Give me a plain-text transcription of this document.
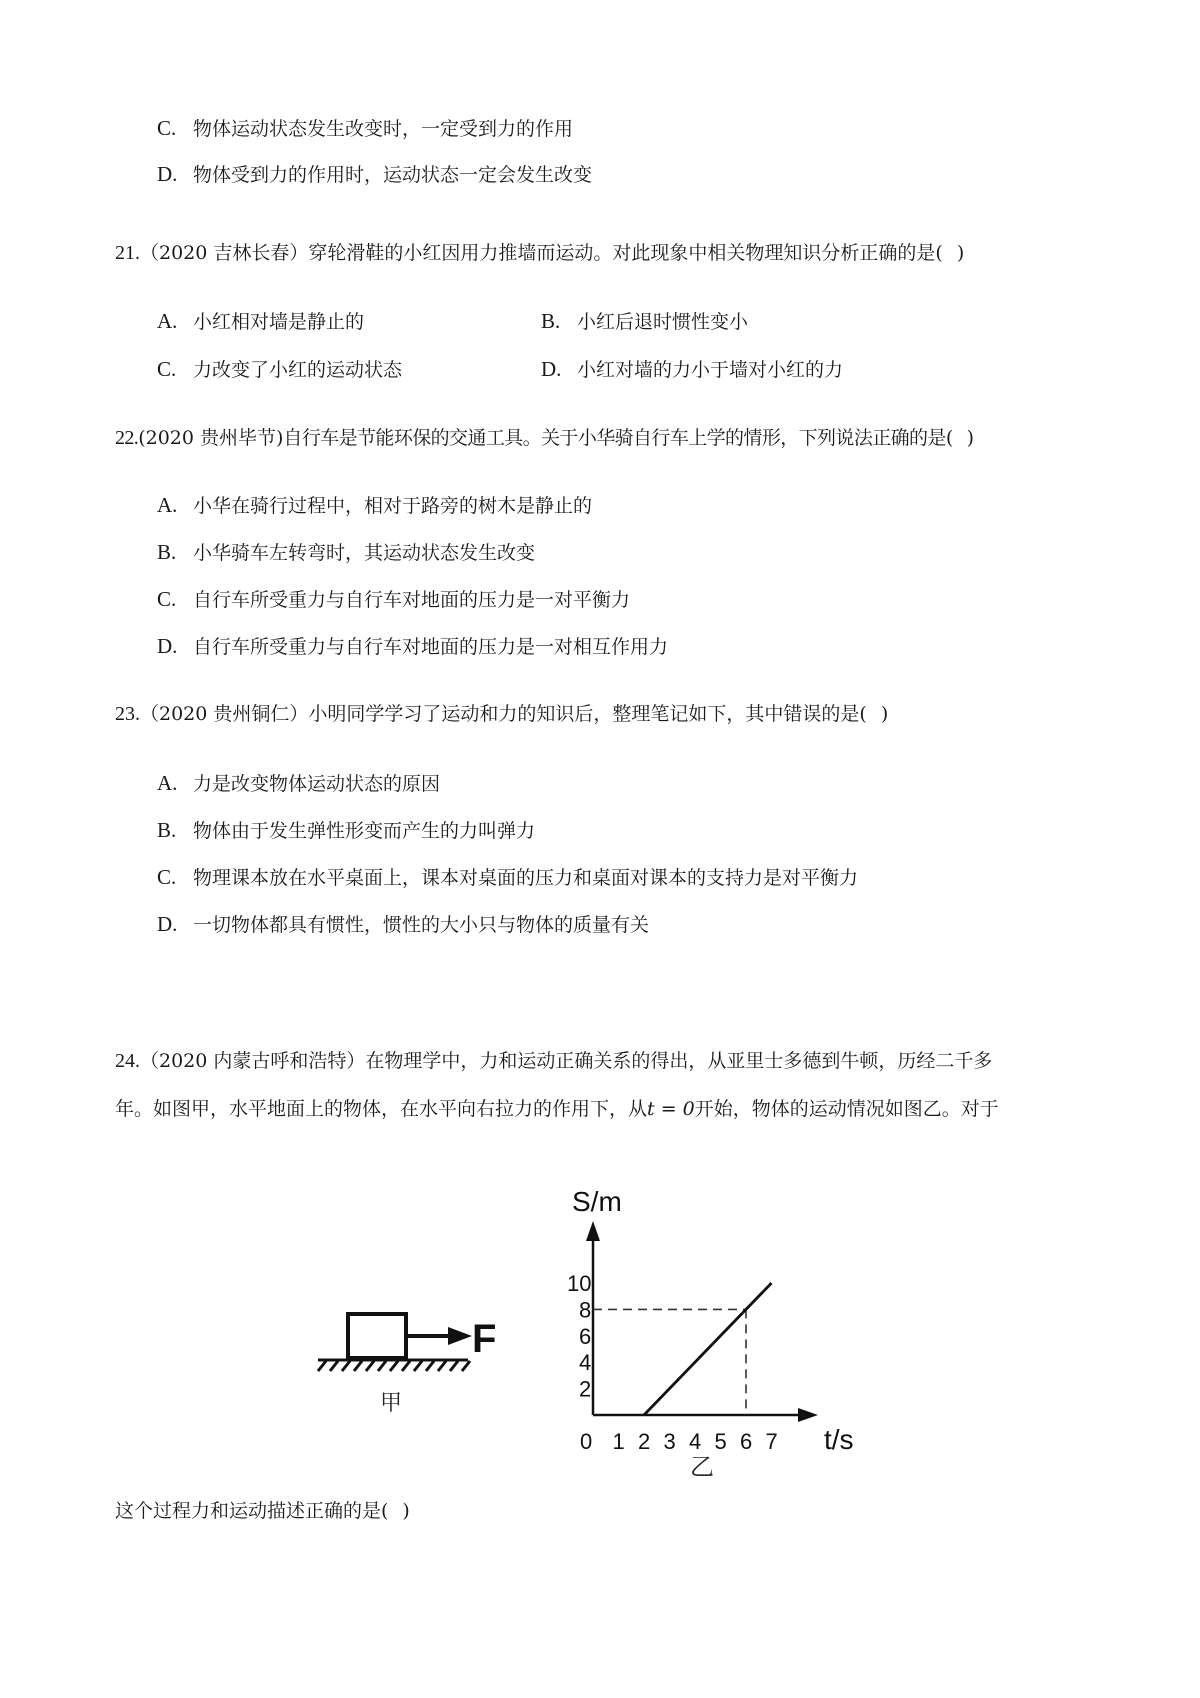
C. 物体运动状态发生改变时，一定受到力的作用
D. 物体受到力的作用时，运动状态一定会发生改变
21.（2020 吉林长春）穿轮滑鞋的小红因用力推墙而运动。对此现象中相关物理知识分析正确的是( )
A. 小红相对墙是静止的	B. 小红后退时惯性变小
C. 力改变了小红的运动状态	D. 小红对墙的力小于墙对小红的力
22.(2020 贵州毕节)自行车是节能环保的交通工具。关于小华骑自行车上学的情形，下列说法正确的是( )
A. 小华在骑行过程中，相对于路旁的树木是静止的
B. 小华骑车左转弯时，其运动状态发生改变
C. 自行车所受重力与自行车对地面的压力是一对平衡力
D. 自行车所受重力与自行车对地面的压力是一对相互作用力
23.（2020 贵州铜仁）小明同学学习了运动和力的知识后，整理笔记如下，其中错误的是( )
A. 力是改变物体运动状态的原因
B. 物体由于发生弹性形变而产生的力叫弹力
C. 物理课本放在水平桌面上，课本对桌面的压力和桌面对课本的支持力是对平衡力
D. 一切物体都具有惯性，惯性的大小只与物体的质量有关
24.（2020 内蒙古呼和浩特）在物理学中，力和运动正确关系的得出，从亚里士多德到牛顿，历经二千多
年。如图甲，水平地面上的物体，在水平向右拉力的作用下，从t = 0开始，物体的运动情况如图乙。对于
F
甲
S/m
t/s
0 1 2 3 4 5 6 7
2
4
6
8
10
乙
这个过程力和运动描述正确的是( )
